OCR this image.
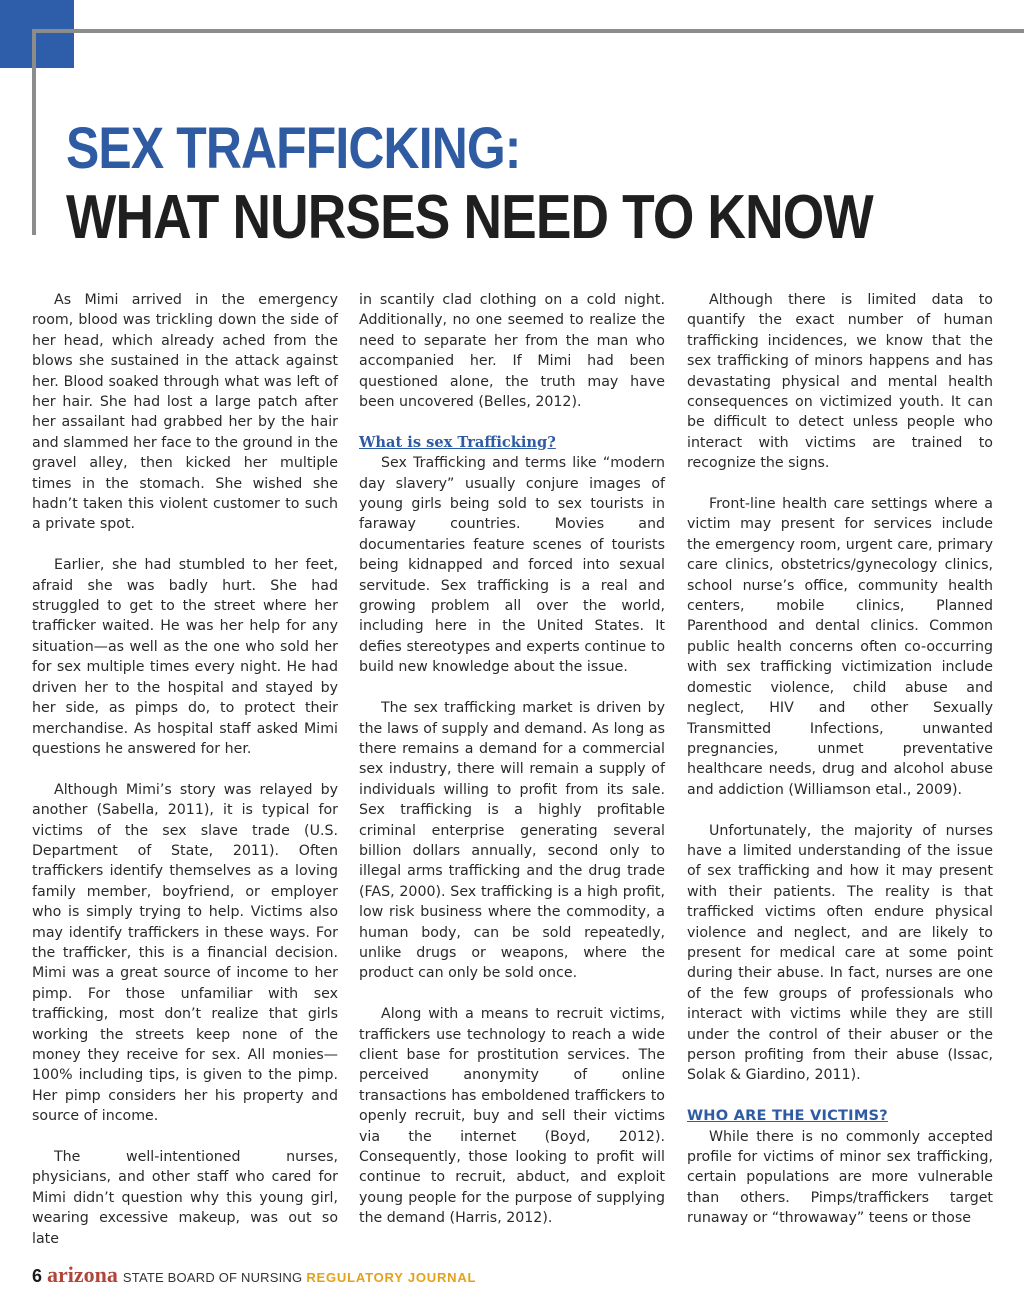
SEX TRAFFICKING:
WHAT NURSES NEED TO KNOW

As Mimi arrived in the emergency room, blood was trickling down the side of her head, which already ached from the blows she sustained in the attack against her. Blood soaked through what was left of her hair. She had lost a large patch after her assailant had grabbed her by the hair and slammed her face to the ground in the gravel alley, then kicked her multiple times in the stomach. She wished she hadn’t taken this violent customer to such a private spot.

Earlier, she had stumbled to her feet, afraid she was badly hurt. She had struggled to get to the street where her trafficker waited. He was her help for any situation—as well as the one who sold her for sex multiple times every night. He had driven her to the hospital and stayed by her side, as pimps do, to protect their merchandise. As hospital staff asked Mimi questions he answered for her.

Although Mimi’s story was relayed by another (Sabella, 2011), it is typical for victims of the sex slave trade (U.S. Department of State, 2011). Often traffickers identify themselves as a loving family member, boyfriend, or employer who is simply trying to help. Victims also may identify traffickers in these ways. For the trafficker, this is a financial decision. Mimi was a great source of income to her pimp. For those unfamiliar with sex trafficking, most don’t realize that girls working the streets keep none of the money they receive for sex. All monies—100% including tips, is given to the pimp. Her pimp considers her his property and source of income.

The well-intentioned nurses, physicians, and other staff who cared for Mimi didn’t question why this young girl, wearing excessive makeup, was out so late

in scantily clad clothing on a cold night. Additionally, no one seemed to realize the need to separate her from the man who accompanied her. If Mimi had been questioned alone, the truth may have been uncovered (Belles, 2012).

What is sex Trafficking?

Sex Trafficking and terms like “modern day slavery” usually conjure images of young girls being sold to sex tourists in faraway countries. Movies and documentaries feature scenes of tourists being kidnapped and forced into sexual servitude. Sex trafficking is a real and growing problem all over the world, including here in the United States. It defies stereotypes and experts continue to build new knowledge about the issue.

The sex trafficking market is driven by the laws of supply and demand. As long as there remains a demand for a commercial sex industry, there will remain a supply of individuals willing to profit from its sale. Sex trafficking is a highly profitable criminal enterprise generating several billion dollars annually, second only to illegal arms trafficking and the drug trade (FAS, 2000). Sex trafficking is a high profit, low risk business where the commodity, a human body, can be sold repeatedly, unlike drugs or weapons, where the product can only be sold once.

Along with a means to recruit victims, traffickers use technology to reach a wide client base for prostitution services. The perceived anonymity of online transactions has emboldened traffickers to openly recruit, buy and sell their victims via the internet (Boyd, 2012). Consequently, those looking to profit will continue to recruit, abduct, and exploit young people for the purpose of supplying the demand (Harris, 2012).

Although there is limited data to quantify the exact number of human trafficking incidences, we know that the sex trafficking of minors happens and has devastating physical and mental health consequences on victimized youth. It can be difficult to detect unless people who interact with victims are trained to recognize the signs.

Front-line health care settings where a victim may present for services include the emergency room, urgent care, primary care clinics, obstetrics/gynecology clinics, school nurse’s office, community health centers, mobile clinics, Planned Parenthood and dental clinics. Common public health concerns often co-occurring with sex trafficking victimization include domestic violence, child abuse and neglect, HIV and other Sexually Transmitted Infections, unwanted pregnancies, unmet preventative healthcare needs, drug and alcohol abuse and addiction (Williamson etal., 2009).

Unfortunately, the majority of nurses have a limited understanding of the issue of sex trafficking and how it may present with their patients. The reality is that trafficked victims often endure physical violence and neglect, and are likely to present for medical care at some point during their abuse. In fact, nurses are one of the few groups of professionals who interact with victims while they are still under the control of their abuser or the person profiting from their abuse (Issac, Solak & Giardino, 2011).

WHO ARE THE VICTIMS?

While there is no commonly accepted profile for victims of minor sex trafficking, certain populations are more vulnerable than others. Pimps/traffickers target runaway or “throwaway” teens or those

6 arizona STATE BOARD OF NURSING REGULATORY JOURNAL
